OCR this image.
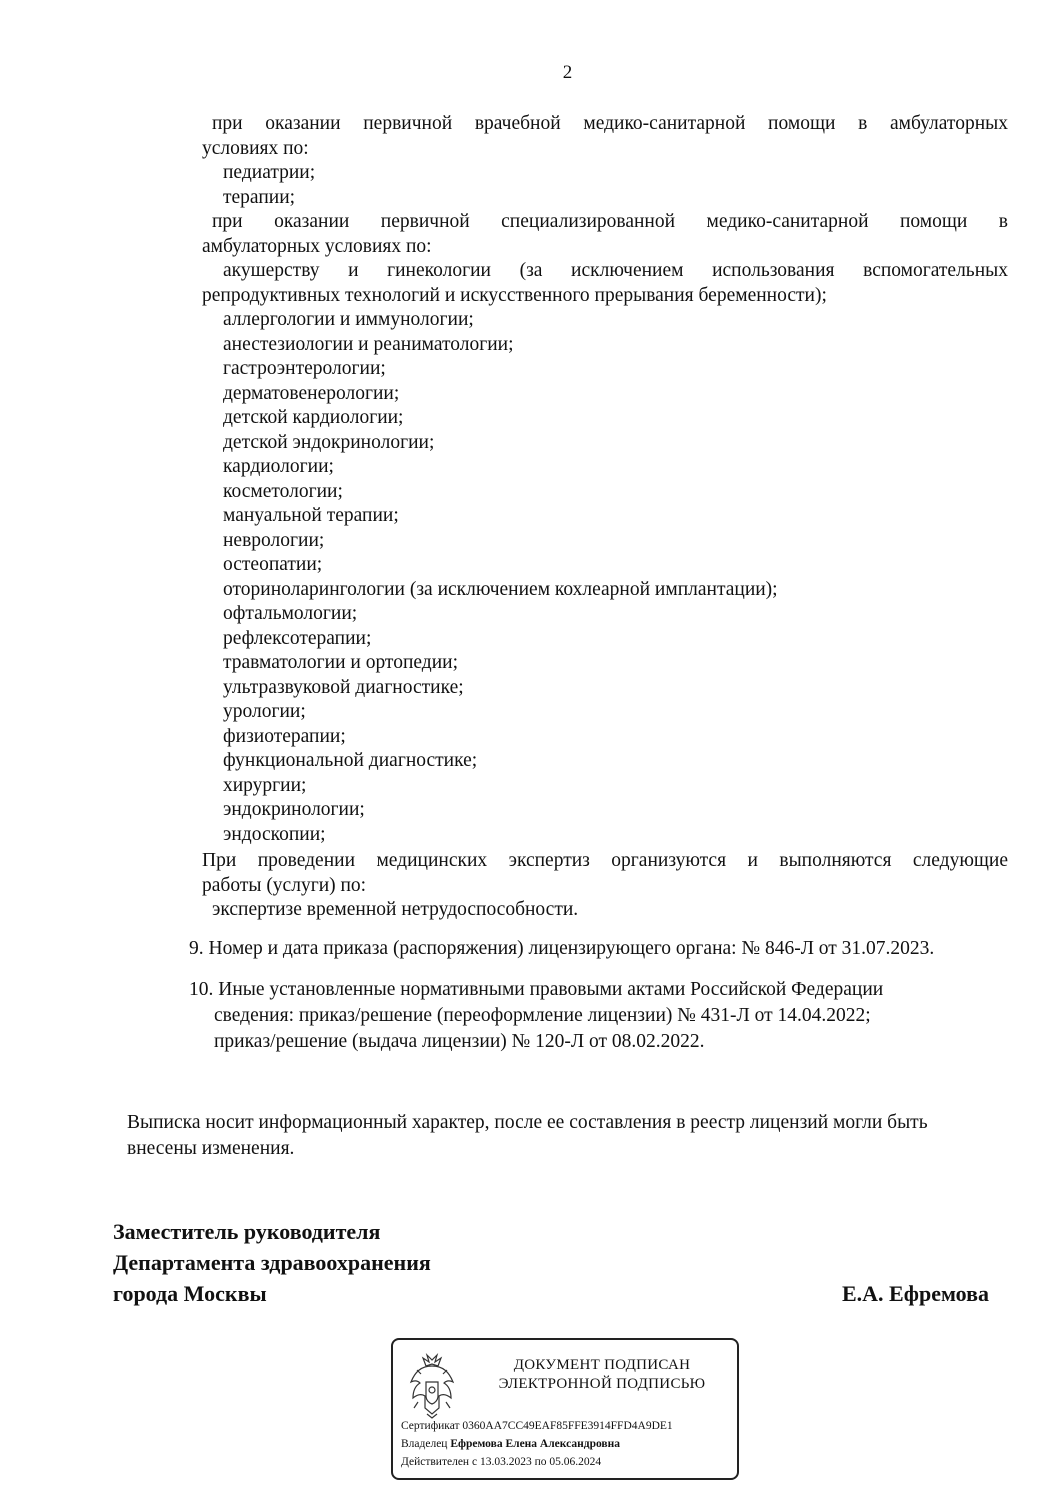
2
при оказании первичной врачебной медико-санитарной помощи в амбулаторных
условиях по:
педиатрии;
терапии;
при оказании первичной специализированной медико-санитарной помощи в
амбулаторных условиях по:
акушерству и гинекологии (за исключением использования вспомогательных
репродуктивных технологий и искусственного прерывания беременности);
аллергологии и иммунологии;
анестезиологии и реаниматологии;
гастроэнтерологии;
дерматовенерологии;
детской кардиологии;
детской эндокринологии;
кардиологии;
косметологии;
мануальной терапии;
неврологии;
остеопатии;
оториноларингологии (за исключением кохлеарной имплантации);
офтальмологии;
рефлексотерапии;
травматологии и ортопедии;
ультразвуковой диагностике;
урологии;
физиотерапии;
функциональной диагностике;
хирургии;
эндокринологии;
эндоскопии;
При проведении медицинских экспертиз организуются и выполняются следующие
работы (услуги) по:
экспертизе временной нетрудоспособности.
9. Номер и дата приказа (распоряжения) лицензирующего органа: № 846-Л от 31.07.2023.
10. Иные установленные нормативными правовыми актами Российской Федерации
сведения: приказ/решение (переоформление лицензии) № 431-Л от 14.04.2022;
приказ/решение (выдача лицензии) № 120-Л от 08.02.2022.
Выписка носит информационный характер, после ее составления в реестр лицензий могли быть
внесены изменения.
Заместитель руководителя
Департамента здравоохранения
города Москвы	Е.А. Ефремова
ДОКУМЕНТ ПОДПИСАН
ЭЛЕКТРОННОЙ ПОДПИСЬЮ
Сертификат 0360AA7CC49EAF85FFE3914FFD4A9DE1
Владелец Ефремова Елена Александровна
Действителен с 13.03.2023 по 05.06.2024
